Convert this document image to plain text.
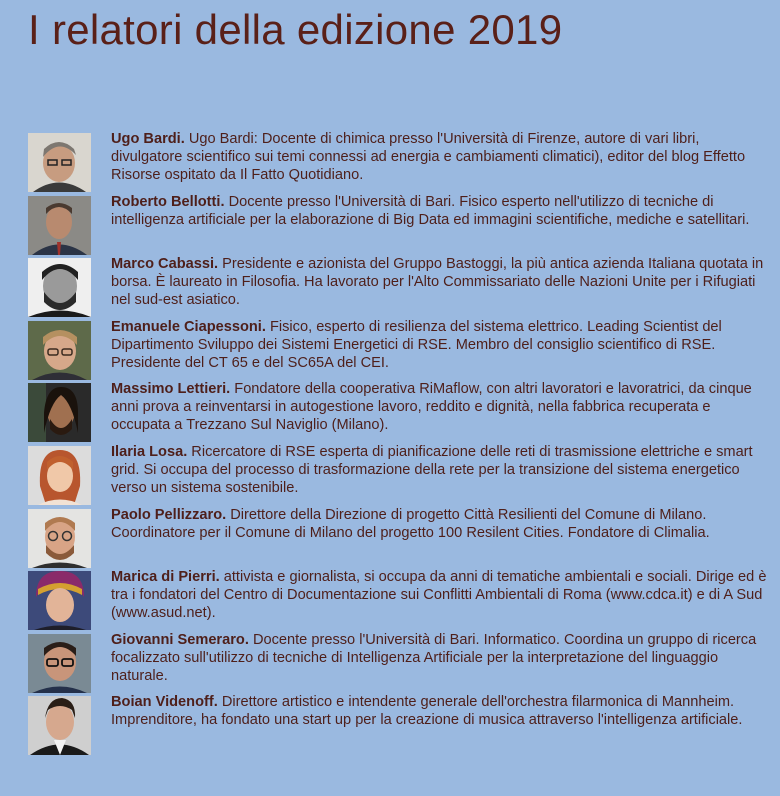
I relatori della edizione 2019
Ugo Bardi. Ugo Bardi: Docente di chimica presso l'Università di Firenze, autore di vari libri, divulgatore scientifico sui temi connessi ad energia e cambiamenti climatici), editor del blog Effetto Risorse ospitato da Il Fatto Quotidiano.
Roberto Bellotti. Docente presso l'Università di Bari. Fisico esperto nell'utilizzo di tecniche di intelligenza artificiale per la elaborazione di Big Data ed immagini scientifiche, mediche e satellitari.
Marco Cabassi. Presidente e azionista del Gruppo Bastoggi, la più antica azienda Italiana quotata in borsa. È laureato in Filosofia. Ha lavorato per l'Alto Commissariato delle Nazioni Unite per i Rifugiati nel sud-est asiatico.
Emanuele Ciapessoni. Fisico, esperto di resilienza del sistema elettrico. Leading Scientist del Dipartimento Sviluppo dei Sistemi Energetici di RSE. Membro del consiglio scientifico di RSE. Presidente del CT 65 e del SC65A del CEI.
Massimo Lettieri. Fondatore della cooperativa RiMaflow, con altri lavoratori e lavoratrici, da cinque anni prova a reinventarsi in autogestione lavoro, reddito e dignità, nella fabbrica recuperata e occupata a Trezzano Sul Naviglio (Milano).
Ilaria Losa. Ricercatore di RSE esperta di pianificazione delle reti di trasmissione elettriche e smart grid. Si occupa del processo di trasformazione della rete per la transizione del sistema energetico verso un sistema sostenibile.
Paolo Pellizzaro. Direttore della Direzione di progetto Città Resilienti del Comune di Milano. Coordinatore per il Comune di Milano del progetto 100 Resilent Cities. Fondatore di Climalia.
Marica di Pierri. attivista e giornalista, si occupa da anni di tematiche ambientali e sociali. Dirige ed è tra i fondatori del Centro di Documentazione sui Conflitti Ambientali di Roma (www.cdca.it) e di A Sud (www.asud.net).
Giovanni Semeraro. Docente presso l'Università di Bari. Informatico. Coordina un gruppo di ricerca focalizzato sull'utilizzo di tecniche di Intelligenza Artificiale per la interpretazione del linguaggio naturale.
Boian Videnoff. Direttore artistico e intendente generale dell'orchestra filarmonica di Mannheim. Imprenditore, ha fondato una start up per la creazione di musica attraverso l'intelligenza artificiale.
